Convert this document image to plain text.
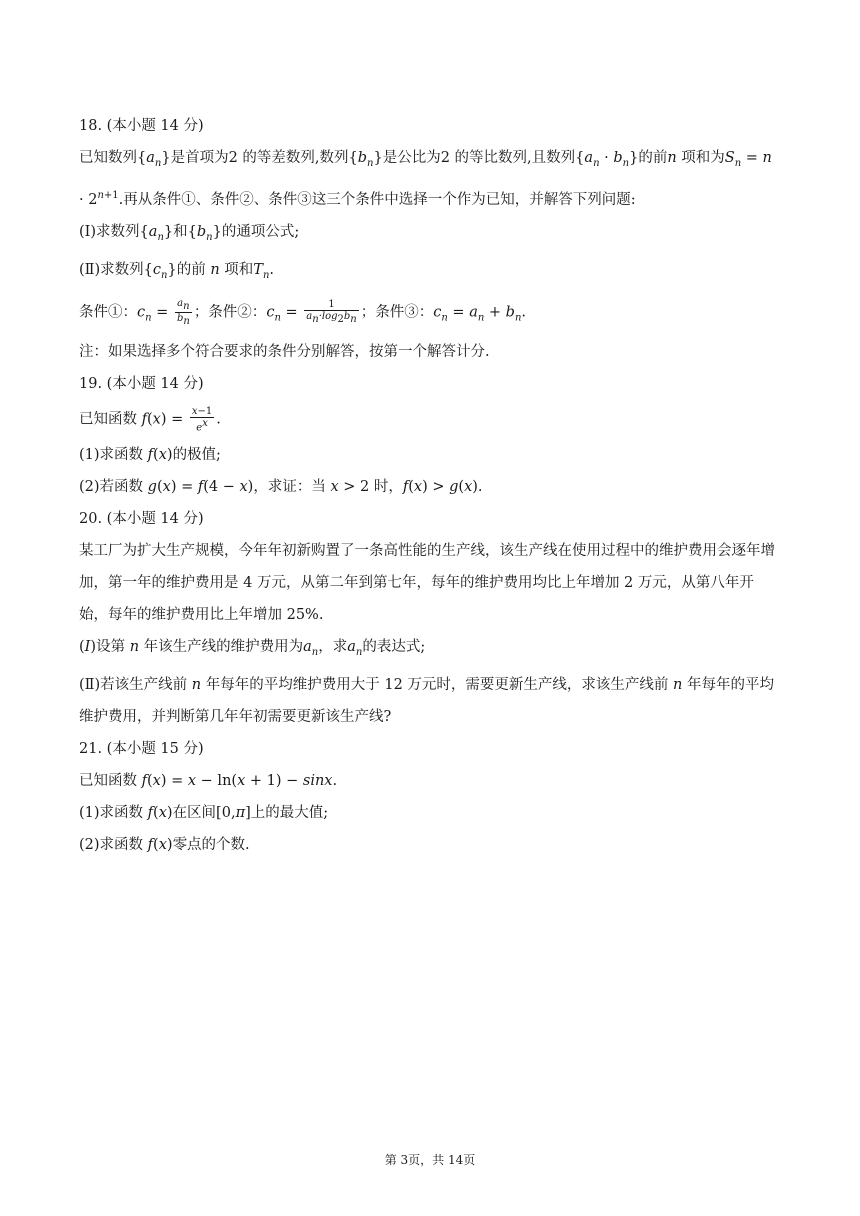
18. (本小题 14 分)

已知数列$\{a_n\}$是首项为2 的等差数列,数列$\{b_n\}$是公比为2 的等比数列,且数列$\{a_n \cdot b_n\}$的前n 项和为$S_n = n \cdot 2^{n+1}$.再从条件①、条件②、条件③这三个条件中选择一个作为已知，并解答下列问题:

(Ⅰ)求数列$\{a_n\}$和$\{b_n\}$的通项公式;

(Ⅱ)求数列$\{c_n\}$的前 n 项和$T_n$.

条件①：$c_n = \frac{a_n}{b_n}$ ；条件②：$c_n = \frac{1}{a_n\cdot\log_2b_n}$ ；条件③：$c_n = a_n + b_n$.

注：如果选择多个符合要求的条件分别解答，按第一个解答计分.

19. (本小题 14 分)

已知函数 $f(x) = \frac{x-1}{e^x}$ .

(1)求函数 f(x)的极值;

(2)若函数 g(x) = f(4 − x)，求证：当 x > 2 时，f(x) > g(x).

20. (本小题 14 分)

某工厂为扩大生产规模，今年年初新购置了一条高性能的生产线，该生产线在使用过程中的维护费用会逐年增加，第一年的维护费用是 4 万元，从第二年到第七年，每年的维护费用均比上年增加 2 万元，从第八年开始，每年的维护费用比上年增加 25%.

(I)设第 n 年该生产线的维护费用为$a_n$，求$a_n$的表达式;

(Ⅱ)若该生产线前 n 年每年的平均维护费用大于 12 万元时，需要更新生产线，求该生产线前 n 年每年的平均维护费用，并判断第几年年初需要更新该生产线?

21. (本小题 15 分)

已知函数 f(x) = x − ln(x + 1) − sinx.

(1)求函数 f(x)在区间[0,π]上的最大值;

(2)求函数 f(x)零点的个数.

第 3页，共 14页
